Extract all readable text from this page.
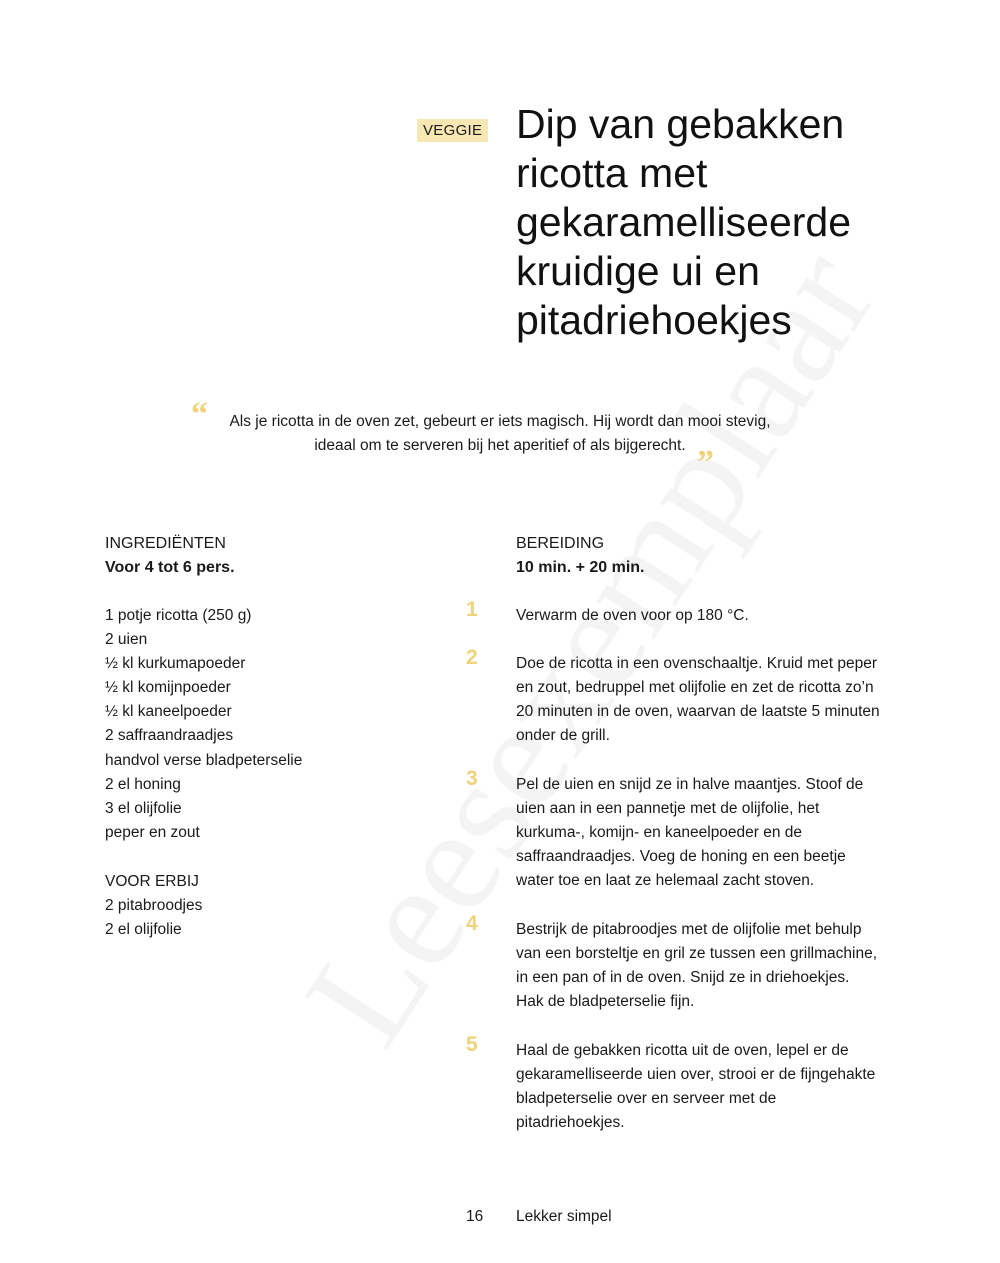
VEGGIE Dip van gebakken ricotta met gekaramelliseerde kruidige ui en pitadriehoekjes
“	Als je ricotta in de oven zet, gebeurt er iets magisch. Hij wordt dan mooi stevig,
ideaal om te serveren bij het aperitief of als bijgerecht. ”
INGREDIËNTEN
Voor 4 tot 6 pers.
1 potje ricotta (250 g)
2 uien
½ kl kurkumapoeder
½ kl komijnpoeder
½ kl kaneelpoeder
2 saffraandraadjes
handvol verse bladpeterselie
2 el honing
3 el olijfolie
peper en zout
VOOR ERBIJ
2 pitabroodjes
2 el olijfolie
BEREIDING
10 min. + 20 min.
1 Verwarm de oven voor op 180 °C.
2 Doe de ricotta in een ovenschaaltje. Kruid met peper en zout, bedruppel met olijfolie en zet de ricotta zo’n 20 minuten in de oven, waarvan de laatste 5 minuten onder de grill.
3 Pel de uien en snijd ze in halve maantjes. Stoof de uien aan in een pannetje met de olijfolie, het kurkuma-, komijn- en kaneelpoeder en de saffraandraadjes. Voeg de honing en een beetje water toe en laat ze helemaal zacht stoven.
4 Bestrijk de pitabroodjes met de olijfolie met behulp van een borsteltje en gril ze tussen een grillmachine, in een pan of in de oven. Snijd ze in driehoekjes. Hak de bladpeterselie fijn.
5 Haal de gebakken ricotta uit de oven, lepel er de gekaramelliseerde uien over, strooi er de fijngehakte bladpeterselie over en serveer met de pitadriehoekjes.
16 Lekker simpel
